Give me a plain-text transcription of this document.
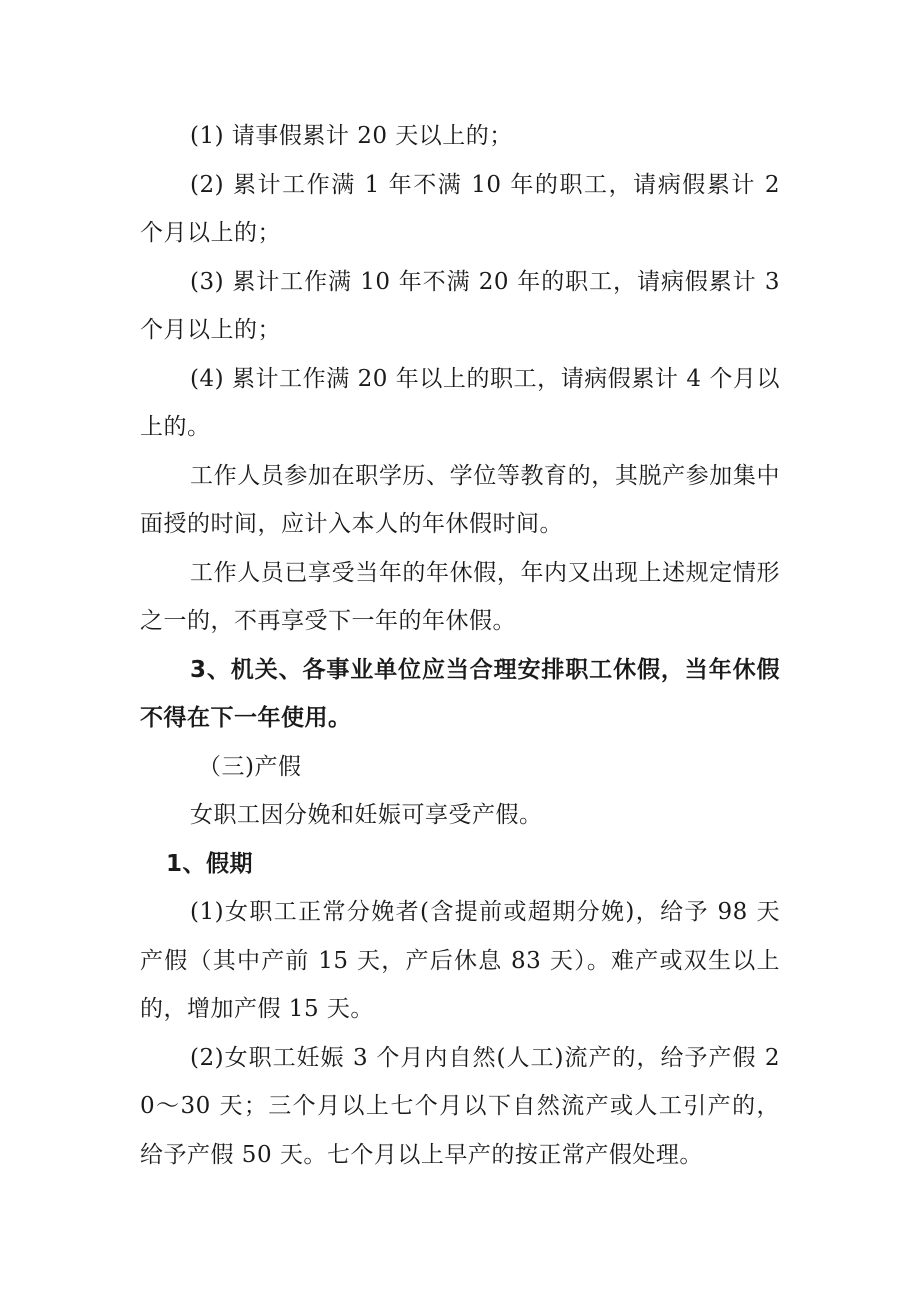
(1) 请事假累计 20 天以上的；

(2) 累计工作满 1 年不满 10 年的职工，请病假累计 2 个月以上的；

(3) 累计工作满 10 年不满 20 年的职工，请病假累计 3 个月以上的；

(4) 累计工作满 20 年以上的职工，请病假累计 4 个月以上的。

工作人员参加在职学历、学位等教育的，其脱产参加集中面授的时间，应计入本人的年休假时间。

工作人员已享受当年的年休假，年内又出现上述规定情形之一的，不再享受下一年的年休假。

3、机关、各事业单位应当合理安排职工休假，当年休假不得在下一年使用。

（三)产假

女职工因分娩和妊娠可享受产假。

1、假期

(1)女职工正常分娩者(含提前或超期分娩)，给予 98 天产假（其中产前 15 天，产后休息 83 天）。难产或双生以上的，增加产假 15 天。

(2)女职工妊娠 3 个月内自然(人工)流产的，给予产假 20～30 天；三个月以上七个月以下自然流产或人工引产的，给予产假 50 天。七个月以上早产的按正常产假处理。
